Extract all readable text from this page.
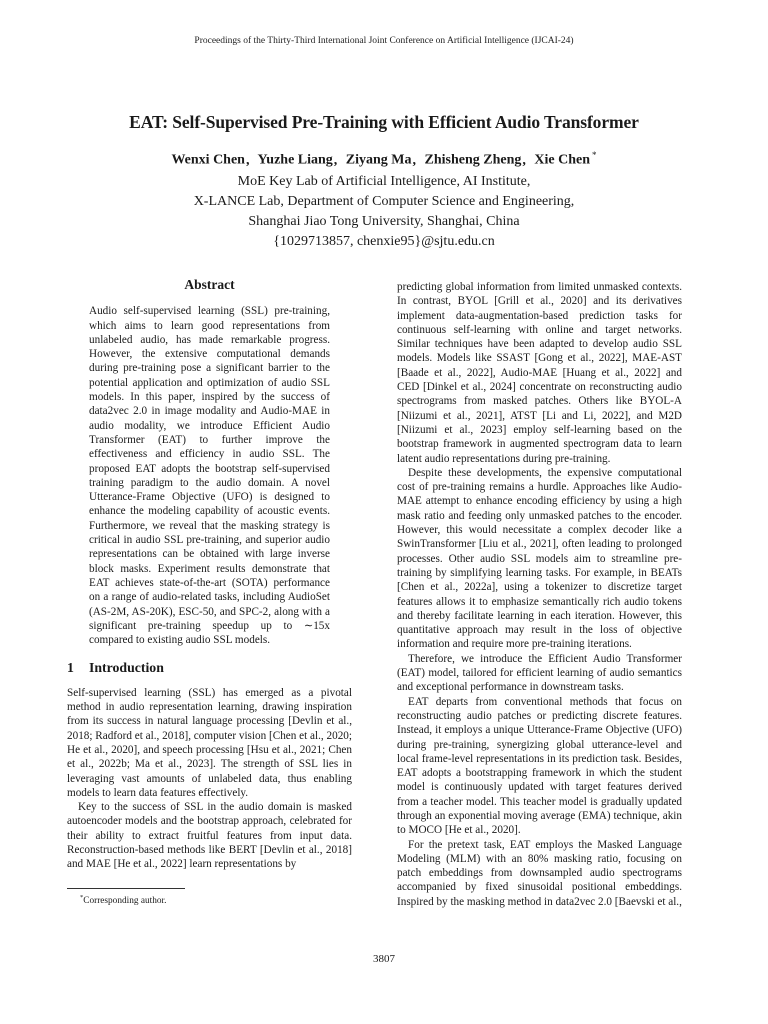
Proceedings of the Thirty-Third International Joint Conference on Artificial Intelligence (IJCAI-24)
EAT: Self-Supervised Pre-Training with Efficient Audio Transformer
Wenxi Chen, Yuzhe Liang, Ziyang Ma, Zhisheng Zheng, Xie Chen *
MoE Key Lab of Artificial Intelligence, AI Institute,
X-LANCE Lab, Department of Computer Science and Engineering,
Shanghai Jiao Tong University, Shanghai, China
{1029713857, chenxie95}@sjtu.edu.cn
Abstract

Audio self-supervised learning (SSL) pre-training, which aims to learn good representations from unlabeled audio, has made remarkable progress. However, the extensive computational demands during pre-training pose a significant barrier to the potential application and optimization of audio SSL models. In this paper, inspired by the success of data2vec 2.0 in image modality and Audio-MAE in audio modality, we introduce Efficient Audio Transformer (EAT) to further improve the effectiveness and efficiency in audio SSL. The proposed EAT adopts the bootstrap self-supervised training paradigm to the audio domain. A novel Utterance-Frame Objective (UFO) is designed to enhance the modeling capability of acoustic events. Furthermore, we reveal that the masking strategy is critical in audio SSL pre-training, and superior audio representations can be obtained with large inverse block masks. Experiment results demonstrate that EAT achieves state-of-the-art (SOTA) performance on a range of audio-related tasks, including AudioSet (AS-2M, AS-20K), ESC-50, and SPC-2, along with a significant pre-training speedup up to ∼15x compared to existing audio SSL models.

1 Introduction

Self-supervised learning (SSL) has emerged as a pivotal method in audio representation learning, drawing inspiration from its success in natural language processing [Devlin et al., 2018; Radford et al., 2018], computer vision [Chen et al., 2020; He et al., 2020], and speech processing [Hsu et al., 2021; Chen et al., 2022b; Ma et al., 2023]. The strength of SSL lies in leveraging vast amounts of unlabeled data, thus enabling models to learn data features effectively.

Key to the success of SSL in the audio domain is masked autoencoder models and the bootstrap approach, celebrated for their ability to extract fruitful features from input data. Reconstruction-based methods like BERT [Devlin et al., 2018] and MAE [He et al., 2022] learn representations by

predicting global information from limited unmasked contexts. In contrast, BYOL [Grill et al., 2020] and its derivatives implement data-augmentation-based prediction tasks for continuous self-learning with online and target networks. Similar techniques have been adapted to develop audio SSL models. Models like SSAST [Gong et al., 2022], MAE-AST [Baade et al., 2022], Audio-MAE [Huang et al., 2022] and CED [Dinkel et al., 2024] concentrate on reconstructing audio spectrograms from masked patches. Others like BYOL-A [Niizumi et al., 2021], ATST [Li and Li, 2022], and M2D [Niizumi et al., 2023] employ self-learning based on the bootstrap framework in augmented spectrogram data to learn latent audio representations during pre-training.

Despite these developments, the expensive computational cost of pre-training remains a hurdle. Approaches like Audio-MAE attempt to enhance encoding efficiency by using a high mask ratio and feeding only unmasked patches to the encoder. However, this would necessitate a complex decoder like a SwinTransformer [Liu et al., 2021], often leading to prolonged processes. Other audio SSL models aim to streamline pre-training by simplifying learning tasks. For example, in BEATs [Chen et al., 2022a], using a tokenizer to discretize target features allows it to emphasize semantically rich audio tokens and thereby facilitate learning in each iteration. However, this quantitative approach may result in the loss of objective information and require more pre-training iterations.

Therefore, we introduce the Efficient Audio Transformer (EAT) model, tailored for efficient learning of audio semantics and exceptional performance in downstream tasks.

EAT departs from conventional methods that focus on reconstructing audio patches or predicting discrete features. Instead, it employs a unique Utterance-Frame Objective (UFO) during pre-training, synergizing global utterance-level and local frame-level representations in its prediction task. Besides, EAT adopts a bootstrapping framework in which the student model is continuously updated with target features derived from a teacher model. This teacher model is gradually updated through an exponential moving average (EMA) technique, akin to MOCO [He et al., 2020].

For the pretext task, EAT employs the Masked Language Modeling (MLM) with an 80% masking ratio, focusing on patch embeddings from downsampled audio spectrograms accompanied by fixed sinusoidal positional embeddings. Inspired by the masking method in data2vec 2.0 [Baevski et al.,

*Corresponding author.
3807
